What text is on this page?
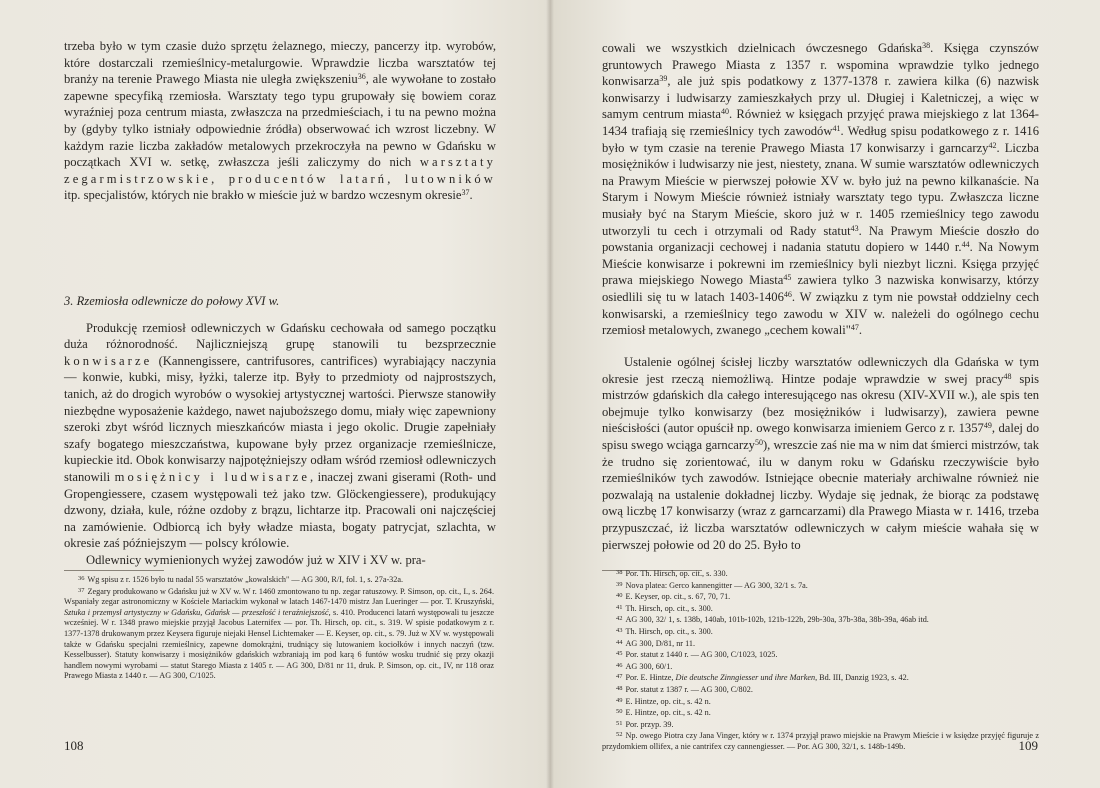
trzeba było w tym czasie dużo sprzętu żelaznego, mieczy, pancerzy itp. wyrobów, które dostarczali rzemieślnicy-metalurgowie. Wprawdzie liczba warsztatów tej branży na terenie Prawego Miasta nie uległa zwiększeniu$^{36}$, ale wywołane to zostało zapewne specyfiką rzemiosła. Warsztaty tego typu grupowały się bowiem coraz wyraźniej poza centrum miasta, zwłaszcza na przedmieściach, i tu na pewno można by (gdyby tylko istniały odpowiednie źródła) obserwować ich wzrost liczebny. W każdym razie liczba zakładów metalowych przekroczyła na pewno w Gdańsku w początkach XVI w. setkę, zwłaszcza jeśli zaliczymy do nich warsztaty zegarmistrzowskie, producentów latarń, lutowników itp. specjalistów, których nie brakło w mieście już w bardzo wczesnym okresie$^{37}$.

3. Rzemiosła odlewnicze do połowy XVI w.

Produkcję rzemiosł odlewniczych w Gdańsku cechowała od samego początku duża różnorodność. Najliczniejszą grupę stanowili tu bezsprzecznie konwisarze (Kannengissere, cantrifusores, cantrifices) wyrabiający naczynia — konwie, kubki, misy, łyżki, talerze itp. Były to przedmioty od najprostszych, tanich, aż do drogich wyrobów o wysokiej artystycznej wartości. Pierwsze stanowiły niezbędne wyposażenie każdego, nawet najuboższego domu, miały więc zapewniony szeroki zbyt wśród licznych mieszkańców miasta i jego okolic. Drugie zapełniały szafy bogatego mieszczaństwa, kupowane były przez organizacje rzemieślnicze, kupieckie itd. Obok konwisarzy najpotężniejszy odłam wśród rzemiosł odlewniczych stanowili mosiężnicy i ludwisarze, inaczej zwani giserami (Roth- und Gropengiessere, czasem występowali też jako tzw. Glöckengiessere), produkujący dzwony, działa, kule, różne ozdoby z brązu, lichtarze itp. Pracowali oni najczęściej na zamówienie. Odbiorcą ich były władze miasta, bogaty patrycjat, szlachta, w okresie zaś późniejszym — polscy królowie.

Odlewnicy wymienionych wyżej zawodów już w XIV i XV w. pra-

$^{36}$ Wg spisu z r. 1526 było tu nadal 55 warsztatów „kowalskich" — AG 300, R/I, fol. 1, s. 27a-32a.

$^{37}$ Zegary produkowano w Gdańsku już w XV w. W r. 1460 zmontowano tu np. zegar ratuszowy. P. Simson, op. cit., I., s. 264. Wspaniały zegar astronomiczny w Kościele Mariackim wykonał w latach 1467-1470 mistrz Jan Lueringer — por. T. Kruszyński, Sztuka i przemysł artystyczny w Gdańsku, Gdańsk — przeszłość i teraźniejszość, s. 410. Producenci latarń występowali tu jeszcze wcześniej. W r. 1348 prawo miejskie przyjął Jacobus Laternifex — por. Th. Hirsch, op. cit., s. 319. W spisie podatkowym z r. 1377-1378 drukowanym przez Keysera figuruje niejaki Hensel Lichtemaker — E. Keyser, op. cit., s. 79. Już w XV w. występowali także w Gdańsku specjalni rzemieślnicy, zapewne domokrążni, trudniący się lutowaniem kociołków i innych naczyń (tzw. Kesselbusser). Statuty konwisarzy i mosiężników gdańskich wzbraniają im pod karą 6 funtów wosku trudnić się przy okazji handlem nowymi wyrobami — statut Starego Miasta z 1405 r. — AG 300, D/81 nr 11, druk. P. Simson, op. cit., IV, nr 118 oraz Prawego Miasta z 1440 r. — AG 300, C/1025.

108

cowali we wszystkich dzielnicach ówczesnego Gdańska$^{38}$. Księga czynszów gruntowych Prawego Miasta z 1357 r. wspomina wprawdzie tylko jednego konwisarza$^{39}$, ale już spis podatkowy z 1377-1378 r. zawiera kilka (6) nazwisk konwisarzy i ludwisarzy zamieszkałych przy ul. Długiej i Kaletniczej, a więc w samym centrum miasta$^{40}$. Również w księgach przyjęć prawa miejskiego z lat 1364-1434 trafiają się rzemieślnicy tych zawodów$^{41}$. Według spisu podatkowego z r. 1416 było w tym czasie na terenie Prawego Miasta 17 konwisarzy i garncarzy$^{42}$. Liczba mosiężników i ludwisarzy nie jest, niestety, znana. W sumie warsztatów odlewniczych na Prawym Mieście w pierwszej połowie XV w. było już na pewno kilkanaście. Na Starym i Nowym Mieście również istniały warsztaty tego typu. Zwłaszcza liczne musiały być na Starym Mieście, skoro już w r. 1405 rzemieślnicy tego zawodu utworzyli tu cech i otrzymali od Rady statut$^{43}$. Na Prawym Mieście doszło do powstania organizacji cechowej i nadania statutu dopiero w 1440 r.$^{44}$. Na Nowym Mieście konwisarze i pokrewni im rzemieślnicy byli niezbyt liczni. Księga przyjęć prawa miejskiego Nowego Miasta$^{45}$ zawiera tylko 3 nazwiska konwisarzy, którzy osiedlili się tu w latach 1403-1406$^{46}$. W związku z tym nie powstał oddzielny cech konwisarski, a rzemieślnicy tego zawodu w XIV w. należeli do ogólnego cechu rzemiosł metalowych, zwanego „cechem kowali"$^{47}$.

Ustalenie ogólnej ścisłej liczby warsztatów odlewniczych dla Gdańska w tym okresie jest rzeczą niemożliwą. Hintze podaje wprawdzie w swej pracy$^{48}$ spis mistrzów gdańskich dla całego interesującego nas okresu (XIV-XVII w.), ale spis ten obejmuje tylko konwisarzy (bez mosiężników i ludwisarzy), zawiera pewne nieścisłości (autor opuścił np. owego konwisarza imieniem Gerco z r. 1357$^{49}$, dalej do spisu swego wciąga garncarzy$^{50}$), wreszcie zaś nie ma w nim dat śmierci mistrzów, tak że trudno się zorientować, ilu w danym roku w Gdańsku rzeczywiście było rzemieślników tych zawodów. Istniejące obecnie materiały archiwalne również nie pozwalają na ustalenie dokładnej liczby. Wydaje się jednak, że biorąc za podstawę ową liczbę 17 konwisarzy (wraz z garncarzami) dla Prawego Miasta w r. 1416, trzeba przypuszczać, iż liczba warsztatów odlewniczych w całym mieście wahała się w pierwszej połowie od 20 do 25. Było to

$^{38}$ Por. Th. Hirsch, op. cit., s. 330.

$^{39}$ Nova platea: Gerco kannengitter — AG 300, 32/1 s. 7a.

$^{40}$ E. Keyser, op. cit., s. 67, 70, 71.

$^{41}$ Th. Hirsch, op. cit., s. 300.

$^{42}$ AG 300, 32/ 1, s. 138b, 140ab, 101b-102b, 121b-122b, 29b-30a, 37b-38a, 38b-39a, 46ab itd.

$^{43}$ Th. Hirsch, op. cit., s. 300.

$^{44}$ AG 300, D/81, nr 11.

$^{45}$ Por. statut z 1440 r. — AG 300, C/1023, 1025.

$^{46}$ AG 300, 60/1.

$^{47}$ Por. E. Hintze, Die deutsche Zinngiesser und ihre Marken, Bd. III, Danzig 1923, s. 42.

$^{48}$ Por. statut z 1387 r. — AG 300, C/802.

$^{49}$ E. Hintze, op. cit., s. 42 n.

$^{50}$ E. Hintze, op. cit., s. 42 n.

$^{51}$ Por. przyp. 39.

$^{52}$ Np. owego Piotra czy Jana Vinger, który w r. 1374 przyjął prawo miejskie na Prawym Mieście i w księdze przyjęć figuruje z przydomkiem ollifex, a nie cantrifex czy cannengiesser. — Por. AG 300, 32/1, s. 148b-149b.	109
